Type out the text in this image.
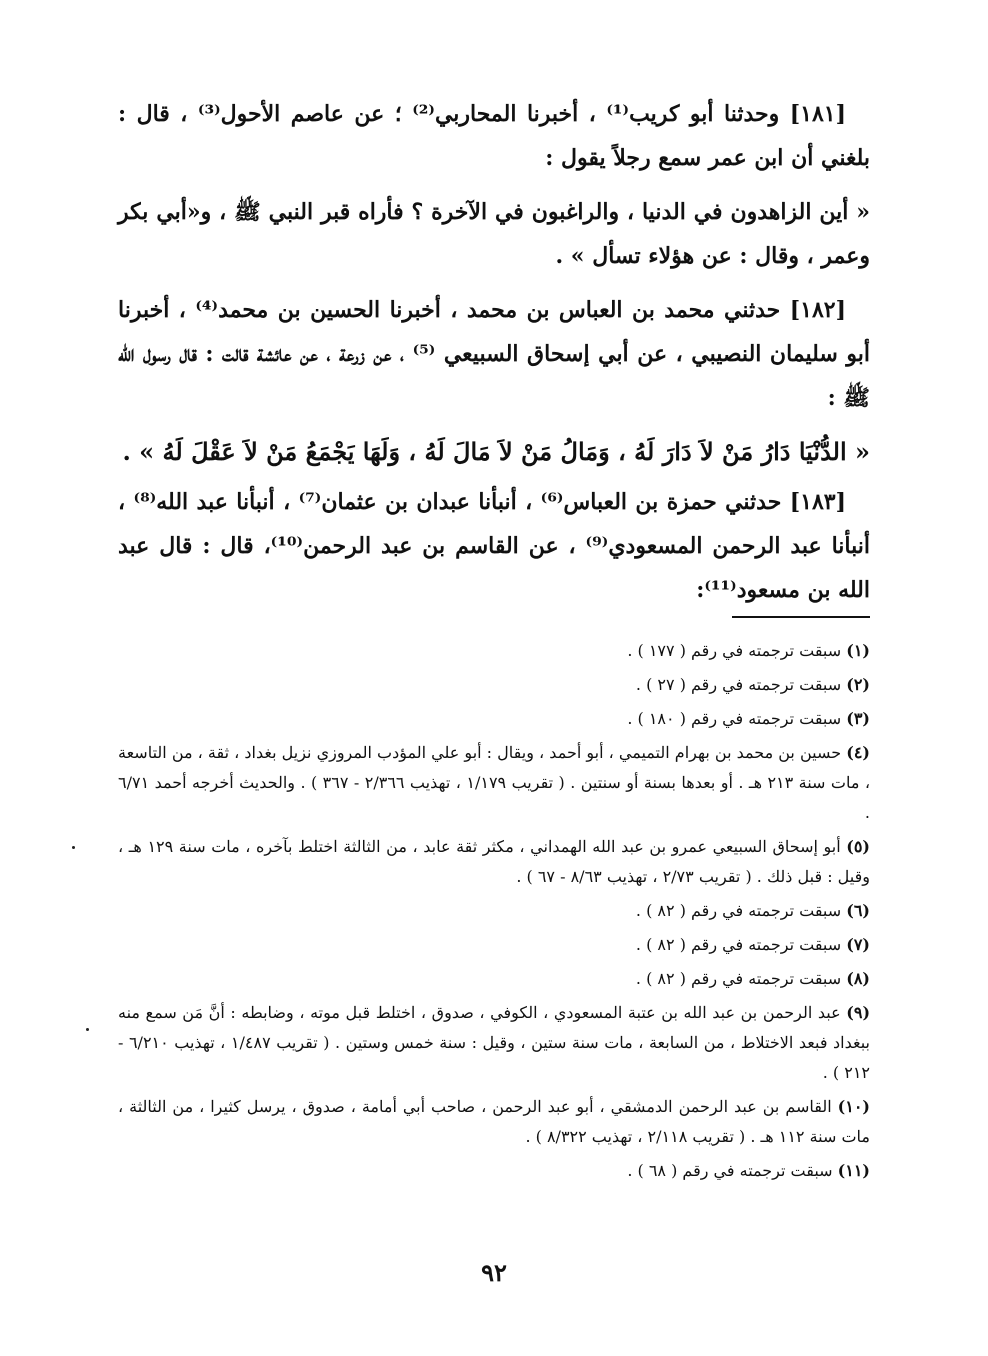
[١٨١] وحدثنا أبو كريب⁽¹⁾ ، أخبرنا المحاربي⁽²⁾ ؛ عن عاصم الأحول⁽³⁾ ، قال : بلغني أن ابن عمر سمع رجلاً يقول :

« أين الزاهدون في الدنيا ، والراغبون في الآخرة ؟ فأراه قبر النبي ﷺ ، و«أبي بكر وعمر ، وقال : عن هؤلاء تسأل » .

[١٨٢] حدثني محمد بن العباس بن محمد ، أخبرنا الحسين بن محمد⁽⁴⁾ ، أخبرنا أبو سليمان النصيبي ، عن أبي إسحاق السبيعي ⁽⁵⁾ ، عن زرعة ، عن عائشة قالت : قال رسول الله ﷺ :

« الدُّنْيَا دَارُ مَنْ لاَ دَارَ لَهُ ، وَمَالُ مَنْ لاَ مَالَ لَهُ ، وَلَهَا يَجْمَعُ مَنْ لاَ عَقْلَ لَهُ » .

[١٨٣] حدثني حمزة بن العباس⁽⁶⁾ ، أنبأنا عبدان بن عثمان⁽⁷⁾ ، أنبأنا عبد الله⁽⁸⁾ ، أنبأنا عبد الرحمن المسعودي⁽⁹⁾ ، عن القاسم بن عبد الرحمن⁽¹⁰⁾، قال : قال عبد الله بن مسعود⁽¹¹⁾:

(١) سبقت ترجمته في رقم ( ١٧٧ ) .
(٢) سبقت ترجمته في رقم ( ٢٧ ) .
(٣) سبقت ترجمته في رقم ( ١٨٠ ) .
(٤) حسين بن محمد بن بهرام التميمي ، أبو أحمد ، ويقال : أبو علي المؤدب المروزي نزيل بغداد ، ثقة ، من التاسعة ، مات سنة ٢١٣ هـ . أو بعدها بسنة أو سنتين . ( تقريب ١/١٧٩ ، تهذيب ٢/٣٦٦ - ٣٦٧ ) . والحديث أخرجه أحمد ٦/٧١ .
(٥) أبو إسحاق السبيعي عمرو بن عبد الله الهمداني ، مكثر ثقة عابد ، من الثالثة اختلط بآخره ، مات سنة ١٢٩ هـ ، وقيل : قبل ذلك . ( تقريب ٢/٧٣ ، تهذيب ٨/٦٣ - ٦٧ ) .
(٦) سبقت ترجمته في رقم ( ٨٢ ) .
(٧) سبقت ترجمته في رقم ( ٨٢ ) .
(٨) سبقت ترجمته في رقم ( ٨٢ ) .
(٩) عبد الرحمن بن عبد الله بن عتبة المسعودي ، الكوفي ، صدوق ، اختلط قبل موته ، وضابطه : أنَّ مَن سمع منه ببغداد فبعد الاختلاط ، من السابعة ، مات سنة ستين ، وقيل : سنة خمس وستين . ( تقريب ١/٤٨٧ ، تهذيب ٦/٢١٠ - ٢١٢ ) .
(١٠) القاسم بن عبد الرحمن الدمشقي ، أبو عبد الرحمن ، صاحب أبي أمامة ، صدوق ، يرسل كثيرا ، من الثالثة ، مات سنة ١١٢ هـ . ( تقريب ٢/١١٨ ، تهذيب ٨/٣٢٢ ) .
(١١) سبقت ترجمته في رقم ( ٦٨ ) .
٩٢
